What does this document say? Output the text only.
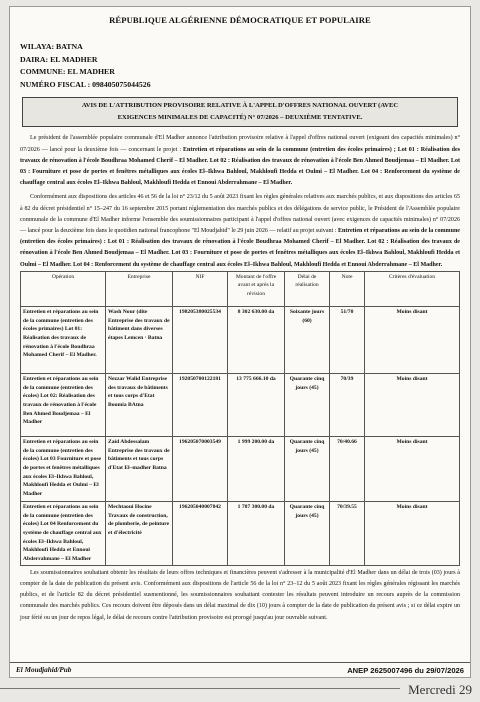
RÉPUBLIQUE ALGÉRIENNE DÉMOCRATIQUE ET POPULAIRE
WILAYA: BATNA
DAIRA: EL MADHER
COMMUNE: EL MADHER
NUMÉRO FISCAL : 098405075044526
AVIS DE L'ATTRIBUTION PROVISOIRE RELATIVE À L'APPEL D'OFFRES NATIONAL OUVERT (AVEC
EXIGENCES MINIMALES DE CAPACITÉ) N° 07/2026 – DEUXIÈME TENTATIVE.
Le président de l'assemblée populaire communale d'El Madher annonce l'attribution provisoire relative à l'appel d'offres national ouvert (exigeant des capacités minimales) n° 07/2026 — lancé pour la deuxième fois — concernant le projet : Entretien et réparations au sein de la commune (entretien des écoles primaires) ; Lot 01 : Réalisation des travaux de rénovation à l'école Boudhraa Mohamed Cherif – El Madher. Lot 02 : Réalisation des travaux de rénovation à l'école Ben Ahmed Boudjemaa – El Madher. Lot 03 : Fourniture et pose de portes et fenêtres métalliques aux écoles El–Ikhwa Bahloul, Makhloufi Hedda et Oulmi – El Madher. Lot 04 : Renforcement du système de chauffage central aux écoles El–Ikhwa Bahloul, Makhloufi Hedda et Ennoui Abderrahmane – El Madher.
Conformément aux dispositions des articles 46 et 56 de la loi n° 23/12 du 5 août 2023 fixant les règles générales relatives aux marchés publics, et aux dispositions des articles 65 à 82 du décret présidentiel n° 15–247 du 16 septembre 2015 portant réglementation des marchés publics et des délégations de service public, le Président de l'Assemblée populaire communale de la commune d'El Madher informe l'ensemble des soumissionnaires participant à l'appel d'offres national ouvert (avec exigences de capacités minimales) n° 07/2026 — lancé pour la deuxième fois dans le quotidien national francophone "El Moudjahid" le 29 juin 2026 — relatif au projet suivant : Entretien et réparations au sein de la commune (entretien des écoles primaires) : Lot 01 : Réalisation des travaux de rénovation à l'école Boudhraa Mohamed Cherif – El Madher. Lot 02 : Réalisation des travaux de rénovation à l'école Ben Ahmed Boudjemaa – El Madher. Lot 03 : Fourniture et pose de portes et fenêtres métalliques aux écoles El–Ikhwa Bahloul, Makhloufi Hedda et Oulmi – El Madher. Lot 04 : Renforcement du système de chauffage central aux écoles El–Ikhwa Bahloul, Makhloufi Hedda et Ennoui Abderrahmane – El Madher.
Opération	Entreprise	NIF	Montant de l'offre avant et après la révision	Délai de réalisation	Note	Critères d'évaluation
Entretien et réparations au sein de la commune (entretien des écoles primaires) Lot 01: Réalisation des travaux de rénovation à l'école Boudhraa Mohamed Cherif – El Madher.	Wash Nour (dite Entreprise des travaux de bâtiment dans diverses étapes Lemcen · Batna	198205380025534	8 302 630.00 da	Soixante jours (60)	51/70	Moins disant
Entretien et réparations au sein de la commune (entretien des écoles) Lot 02: Réalisation des travaux de rénovation à l'école Ben Ahmed Boudjemaa – El Madher	Nezzar Walid Entreprise des travaux de bâtiments et tous corps d'Etat Boumia BAtna	192050700122181	13 775 666.10 da	Quarante cinq jours (45)	70/39	Moins disant
Entretien et réparations au sein de la commune (entretien des écoles) Lot 03 Fourniture et pose de portes et fenêtres métalliques aux écoles El–Ikhwa Bahloul, Makhloufi Hedda et Oulmi – El Madher	Zaid Abdessalam Entreprise des travaux de bâtiments et tous corps d'Etat El–madher Batna	196205070003549	1 999 200.00 da	Quarante cinq jours (45)	70/40.66	Moins disant
Entretien et réparations au sein de la commune (entretien des écoles) Lot 04 Renforcement du système de chauffage central aux écoles El–Ikhwa Bahloul, Makhloufi Hedda et Ennoui Abderrahmane – El Madher	Mechtaoui Hocine Travaux de construction, de plomberie, de peinture et d'électricité	196205040007842	1 787 300.00 da	Quarante cinq jours (45)	70/39.55	Moins disant
Les soumissionnaires souhaitant obtenir les résultats de leurs offres techniques et financières peuvent s'adresser à la municipalité d'El Madher dans un délai de trois (03) jours à compter de la date de publication du présent avis. Conformément aux dispositions de l'article 56 de la loi n° 23–12 du 5 août 2023 fixant les règles générales régissant les marchés publics, et de l'article 82 du décret présidentiel susmentionné, les soumissionnaires souhaitant contester les résultats peuvent introduire un recours auprès de la commission communale des marchés publics. Ces recours doivent être déposés dans un délai maximal de dix (10) jours à compter de la date de publication du présent avis ; si ce délai expire un jour férié ou un jour de repos légal, le délai de recours contre l'attribution provisoire est prorogé jusqu'au jour ouvrable suivant.
El Moudjahid/Pub	ANEP 2625007496 du 29/07/2026
Mercredi 29
